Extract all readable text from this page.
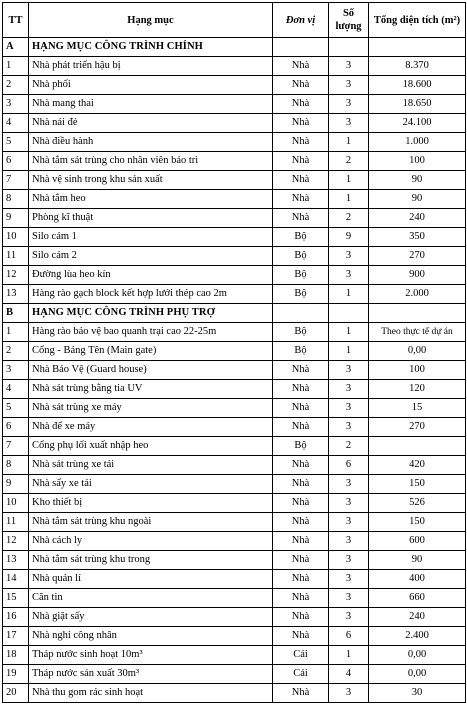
TT	Hạng mục	Đơn vị	Số lượng	Tổng diện tích (m²)
A	HẠNG MỤC CÔNG TRÌNH CHÍNH			
1	Nhà phát triển hậu bị	Nhà	3	8.370
2	Nhà phối	Nhà	3	18.600
3	Nhà mang thai	Nhà	3	18.650
4	Nhà nái đẻ	Nhà	3	24.100
5	Nhà điều hành	Nhà	1	1.000
6	Nhà tắm sát trùng cho nhân viên bảo trì	Nhà	2	100
7	Nhà vệ sinh trong khu sản xuất	Nhà	1	90
8	Nhà tắm heo	Nhà	1	90
9	Phòng kĩ thuật	Nhà	2	240
10	Silo cám 1	Bộ	9	350
11	Silo cám 2	Bộ	3	270
12	Đường lùa heo kín	Bộ	3	900
13	Hàng rào gạch block kết hợp lưới thép cao 2m	Bộ	1	2.000
B	HẠNG MỤC CÔNG TRÌNH PHỤ TRỢ			
1	Hàng rào bảo vệ bao quanh trại cao 22-25m	Bộ	1	Theo thực tế dự án
2	Cổng - Bảng Tên (Main gate)	Bộ	1	0,00
3	Nhà Bảo Vệ (Guard house)	Nhà	3	100
4	Nhà sát trùng bằng tia UV	Nhà	3	120
5	Nhà sát trùng xe máy	Nhà	3	15
6	Nhà để xe máy	Nhà	3	270
7	Cổng phụ lối xuất nhập heo	Bộ	2	
8	Nhà sát trùng xe tải	Nhà	6	420
9	Nhà sấy xe tải	Nhà	3	150
10	Kho thiết bị	Nhà	3	526
11	Nhà tắm sát trùng khu ngoài	Nhà	3	150
12	Nhà cách ly	Nhà	3	600
13	Nhà tắm sát trùng khu trong	Nhà	3	90
14	Nhà quản lí	Nhà	3	400
15	Căn tin	Nhà	3	660
16	Nhà giặt sấy	Nhà	3	240
17	Nhà nghỉ công nhân	Nhà	6	2.400
18	Tháp nước sinh hoạt 10m³	Cái	1	0,00
19	Tháp nước sản xuất 30m³	Cái	4	0,00
20	Nhà thu gom rác sinh hoạt	Nhà	3	30
